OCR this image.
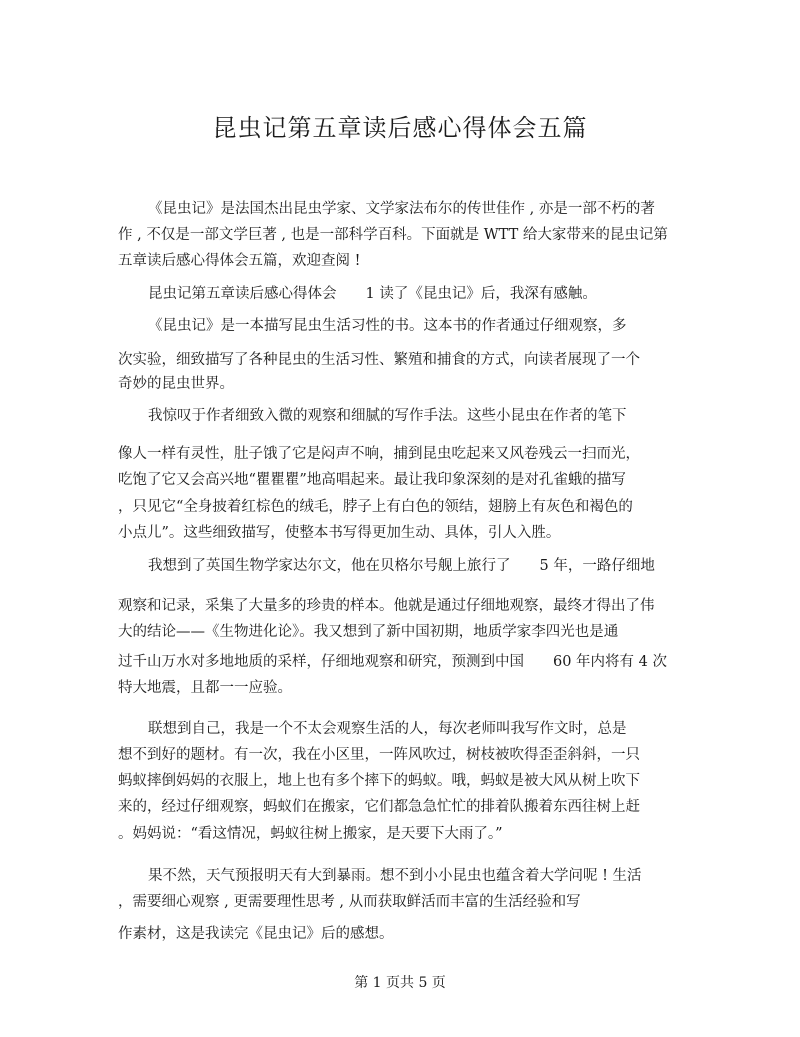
昆虫记第五章读后感心得体会五篇
《昆虫记》是法国杰出昆虫学家、文学家法布尔的传世佳作 , 亦是一部不朽的著
作 , 不仅是一部文学巨著 , 也是一部科学百科。下面就是 WTT 给大家带来的昆虫记第
五章读后感心得体会五篇，欢迎查阅 !
昆虫记第五章读后感心得体会　　1 读了《昆虫记》后，我深有感触。
《昆虫记》是一本描写昆虫生活习性的书。这本书的作者通过仔细观察，多
次实验，细致描写了各种昆虫的生活习性、繁殖和捕食的方式，向读者展现了一个
奇妙的昆虫世界。
我惊叹于作者细致入微的观察和细腻的写作手法。这些小昆虫在作者的笔下
像人一样有灵性，肚子饿了它是闷声不响，捕到昆虫吃起来又风卷残云一扫而光，
吃饱了它又会高兴地“瞿瞿瞿”地高唱起来。最让我印象深刻的是对孔雀蛾的描写
，只见它“全身披着红棕色的绒毛，脖子上有白色的领结，翅膀上有灰色和褐色的
小点儿”。这些细致描写，使整本书写得更加生动、具体，引人入胜。
我想到了英国生物学家达尔文，他在贝格尔号舰上旅行了　　5 年，一路仔细地
观察和记录，采集了大量多的珍贵的样本。他就是通过仔细地观察，最终才得出了伟
大的结论——《生物进化论》。我又想到了新中国初期，地质学家李四光也是通
过千山万水对多地地质的采样，仔细地观察和研究，预测到中国　　60 年内将有 4 次
特大地震，且都一一应验。
联想到自己，我是一个不太会观察生活的人，每次老师叫我写作文时，总是
想不到好的题材。有一次，我在小区里，一阵风吹过，树枝被吹得歪歪斜斜，一只
蚂蚁摔倒妈妈的衣服上，地上也有多个摔下的蚂蚁。哦，蚂蚁是被大风从树上吹下
来的，经过仔细观察，蚂蚁们在搬家，它们都急急忙忙的排着队搬着东西往树上赶
。妈妈说：“看这情况，蚂蚁往树上搬家，是天要下大雨了。”
果不然，天气预报明天有大到暴雨。想不到小小昆虫也蕴含着大学问呢 ! 生活
，需要细心观察 , 更需要理性思考 , 从而获取鲜活而丰富的生活经验和写
作素材，这是我读完《昆虫记》后的感想。
第 1 页共 5 页
